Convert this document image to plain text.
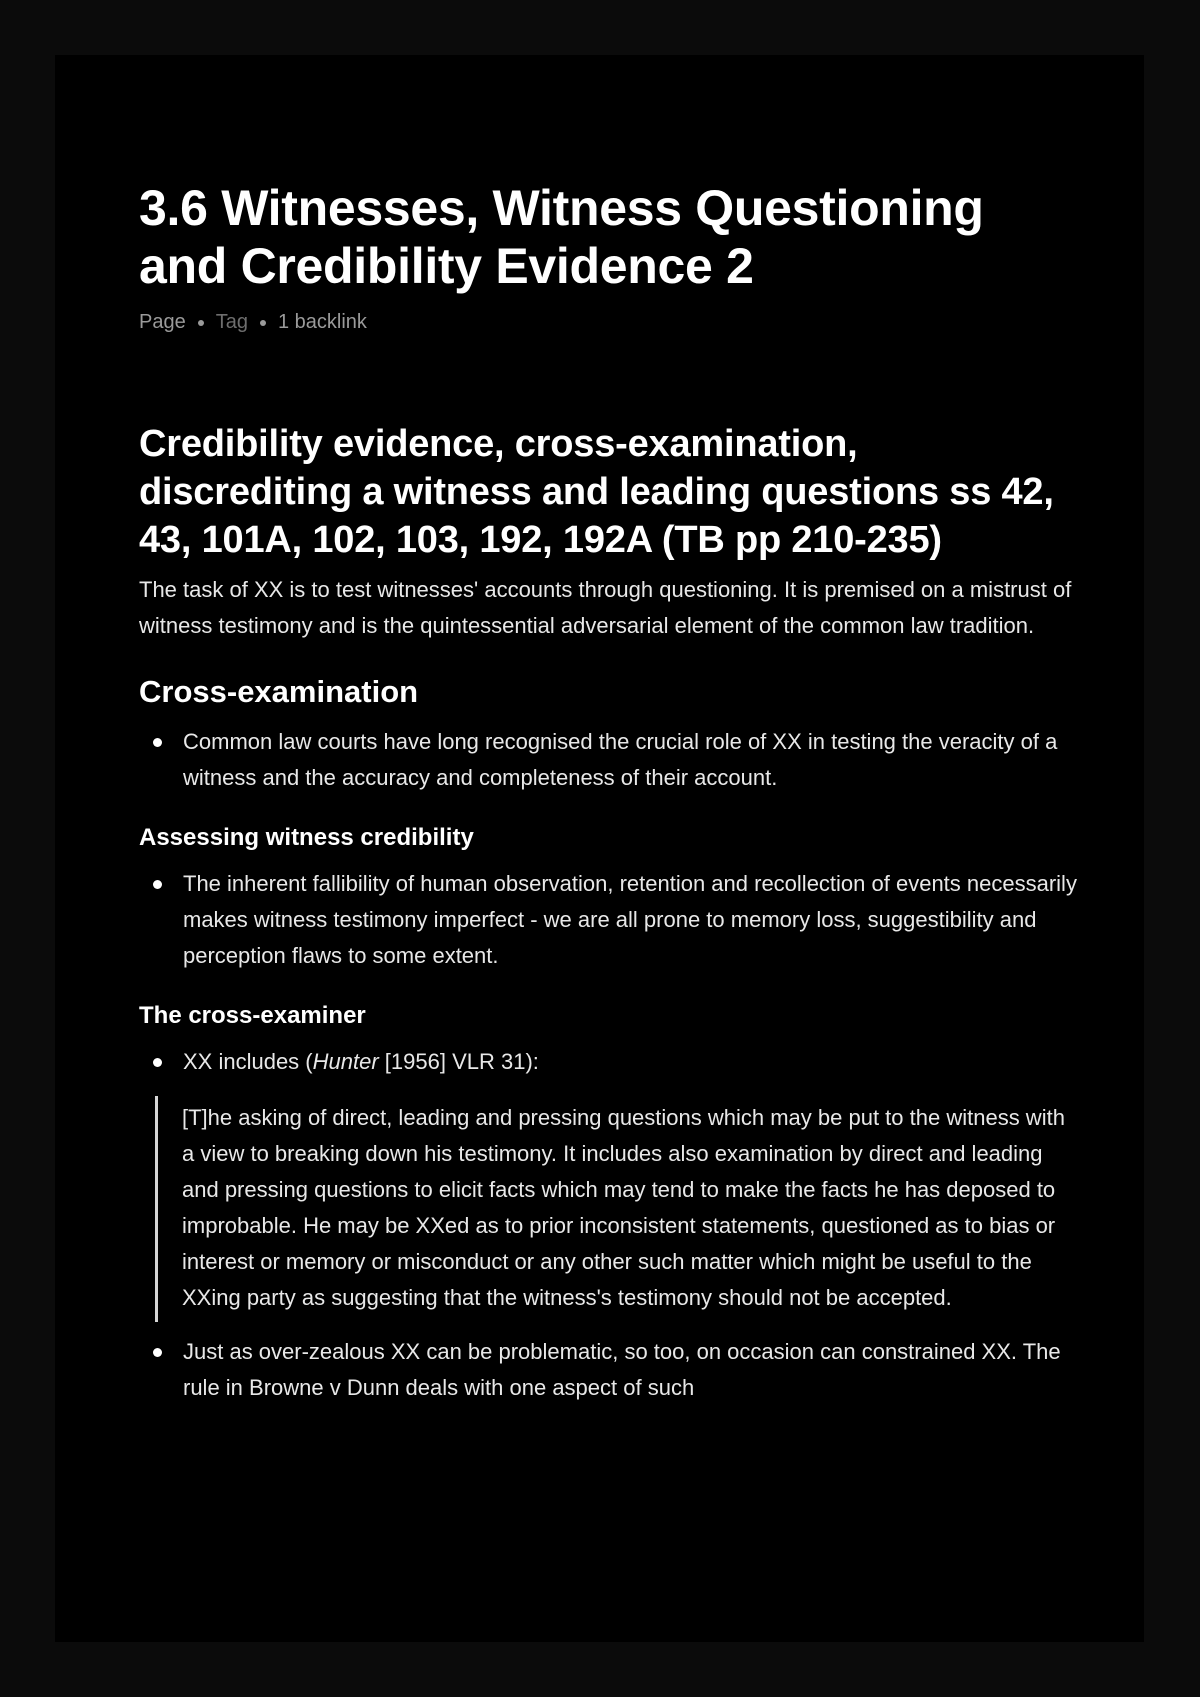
3.6 Witnesses, Witness Questioning and Credibility Evidence 2
Page Tag 1 backlink
Credibility evidence, cross-examination, discrediting a witness and leading questions ss 42, 43, 101A, 102, 103, 192, 192A (TB pp 210-235)

The task of XX is to test witnesses' accounts through questioning. It is premised on a mistrust of witness testimony and is the quintessential adversarial element of the common law tradition.

Cross-examination
Common law courts have long recognised the crucial role of XX in testing the veracity of a witness and the accuracy and completeness of their account.
Assessing witness credibility
The inherent fallibility of human observation, retention and recollection of events necessarily makes witness testimony imperfect - we are all prone to memory loss, suggestibility and perception flaws to some extent.
The cross-examiner
XX includes (Hunter [1956] VLR 31):
[T]he asking of direct, leading and pressing questions which may be put to the witness with a view to breaking down his testimony. It includes also examination by direct and leading and pressing questions to elicit facts which may tend to make the facts he has deposed to improbable. He may be XXed as to prior inconsistent statements, questioned as to bias or interest or memory or misconduct or any other such matter which might be useful to the XXing party as suggesting that the witness's testimony should not be accepted.
Just as over-zealous XX can be problematic, so too, on occasion can constrained XX. The rule in Browne v Dunn deals with one aspect of such
